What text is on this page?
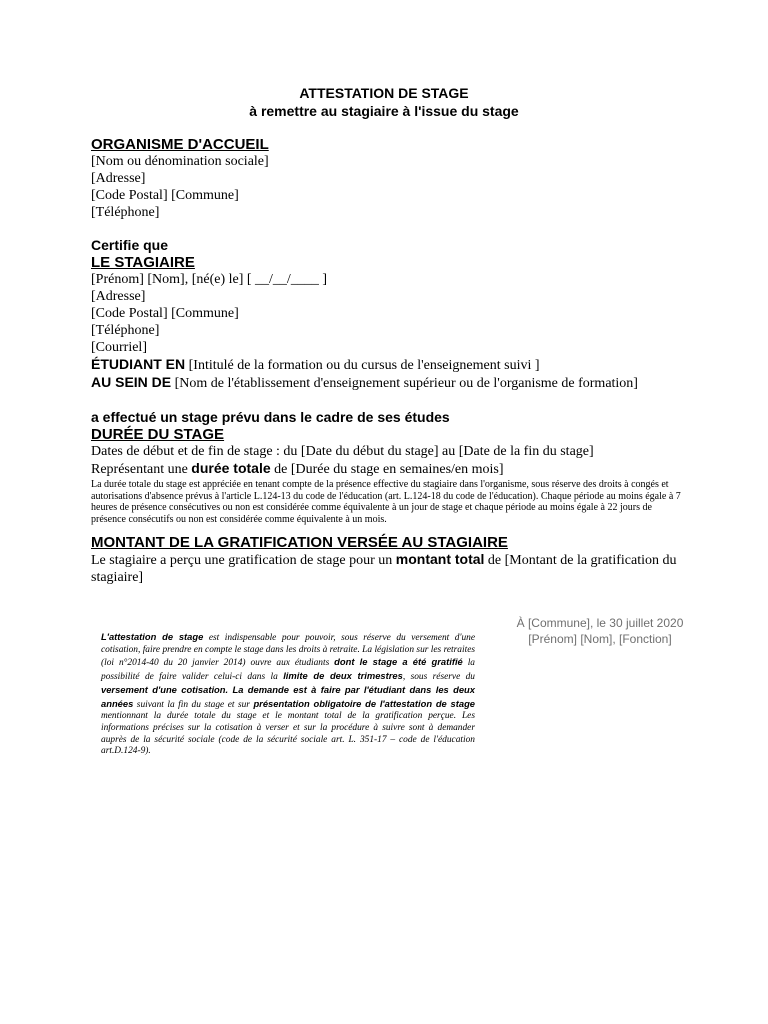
ATTESTATION DE STAGE
à remettre au stagiaire à l'issue du stage
ORGANISME D'ACCUEIL
[Nom ou dénomination sociale]
[Adresse]
[Code Postal] [Commune]
[Téléphone]
Certifie que
LE STAGIAIRE
[Prénom] [Nom], [né(e) le] [ __/__/____ ]
[Adresse]
[Code Postal] [Commune]
[Téléphone]
[Courriel]
ÉTUDIANT EN [Intitulé de la formation ou du cursus de l'enseignement suivi ]
AU SEIN DE [Nom de l'établissement d'enseignement supérieur ou de l'organisme de formation]
a effectué un stage prévu dans le cadre de ses études
DURÉE DU STAGE
Dates de début et de fin de stage : du [Date du début du stage] au [Date de la fin du stage]
Représentant une durée totale de [Durée du stage en semaines/en mois]
La durée totale du stage est appréciée en tenant compte de la présence effective du stagiaire dans l'organisme, sous réserve des droits à congés et autorisations d'absence prévus à l'article L.124-13 du code de l'éducation (art. L.124-18 du code de l'éducation). Chaque période au moins égale à 7 heures de présence consécutives ou non est considérée comme équivalente à un jour de stage et chaque période au moins égale à 22 jours de présence consécutifs ou non est considérée comme équivalente à un mois.
MONTANT DE LA GRATIFICATION VERSÉE AU STAGIAIRE
Le stagiaire a perçu une gratification de stage pour un montant total de [Montant de la gratification du stagiaire]
À [Commune], le 30 juillet 2020
[Prénom] [Nom], [Fonction]
L'attestation de stage est indispensable pour pouvoir, sous réserve du versement d'une cotisation, faire prendre en compte le stage dans les droits à retraite. La législation sur les retraites (loi n°2014-40 du 20 janvier 2014) ouvre aux étudiants dont le stage a été gratifié la possibilité de faire valider celui-ci dans la limite de deux trimestres, sous réserve du versement d'une cotisation. La demande est à faire par l'étudiant dans les deux années suivant la fin du stage et sur présentation obligatoire de l'attestation de stage mentionnant la durée totale du stage et le montant total de la gratification perçue. Les informations précises sur la cotisation à verser et sur la procédure à suivre sont à demander auprès de la sécurité sociale (code de la sécurité sociale art. L. 351-17 – code de l'éducation art.D.124-9).
